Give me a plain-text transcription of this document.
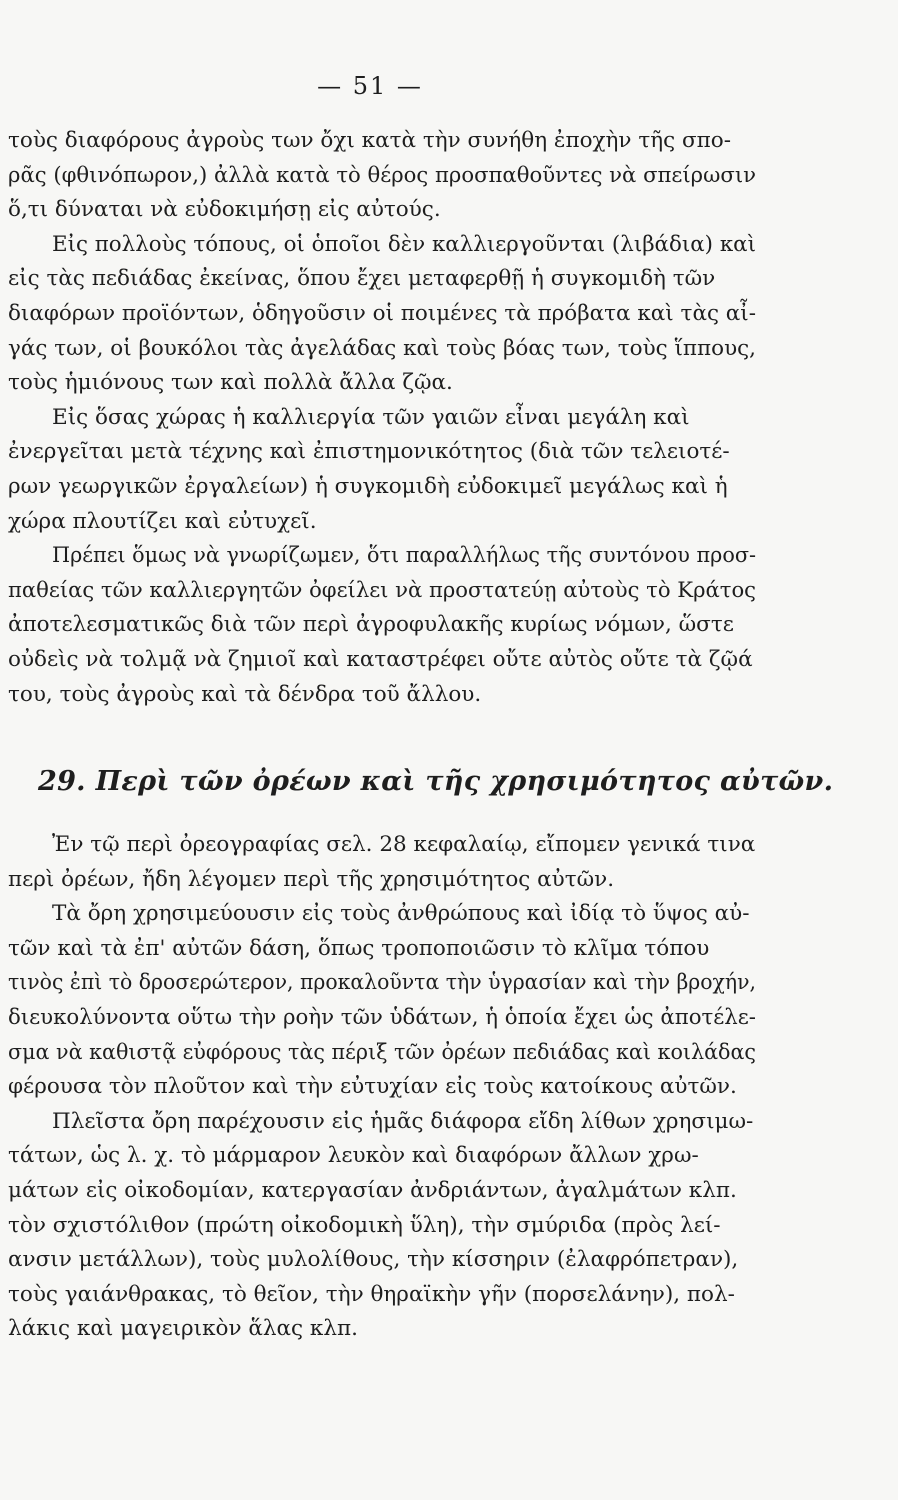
— 51 —

τοὺς διαφόρους ἀγροὺς των ὄχι κατὰ τὴν συνήθη ἐποχὴν τῆς σπο-
ρᾶς (φθινόπωρον,) ἀλλὰ κατὰ τὸ θέρος προσπαθοῦντες νὰ σπείρωσιν
ὅ,τι δύναται νὰ εὐδοκιμήσῃ εἰς αὐτούς.

Εἰς πολλοὺς τόπους, οἱ ὁποῖοι δὲν καλλιεργοῦνται (λιβάδια) καὶ
εἰς τὰς πεδιάδας ἐκείνας, ὅπου ἔχει μεταφερθῇ ἡ συγκομιδὴ τῶν
διαφόρων προϊόντων, ὁδηγοῦσιν οἱ ποιμένες τὰ πρόβατα καὶ τὰς αἶ-
γάς των, οἱ βουκόλοι τὰς ἀγελάδας καὶ τοὺς βόας των, τοὺς ἵππους,
τοὺς ἡμιόνους των καὶ πολλὰ ἄλλα ζῷα.

Εἰς ὅσας χώρας ἡ καλλιεργία τῶν γαιῶν εἶναι μεγάλη καὶ
ἐνεργεῖται μετὰ τέχνης καὶ ἐπιστημονικότητος (διὰ τῶν τελειοτέ-
ρων γεωργικῶν ἐργαλείων) ἡ συγκομιδὴ εὐδοκιμεῖ μεγάλως καὶ ἡ
χώρα πλουτίζει καὶ εὐτυχεῖ.

Πρέπει ὅμως νὰ γνωρίζωμεν, ὅτι παραλλήλως τῆς συντόνου προσ-
παθείας τῶν καλλιεργητῶν ὀφείλει νὰ προστατεύῃ αὐτοὺς τὸ Κράτος
ἀποτελεσματικῶς διὰ τῶν περὶ ἀγροφυλακῆς κυρίως νόμων, ὥστε
οὐδεὶς νὰ τολμᾷ νὰ ζημιοῖ καὶ καταστρέφει οὔτε αὐτὸς οὔτε τὰ ζῷά
του, τοὺς ἀγροὺς καὶ τὰ δένδρα τοῦ ἄλλου.

29. Περὶ τῶν ὀρέων καὶ τῆς χρησιμότητος αὐτῶν.

Ἐν τῷ περὶ ὀρεογραφίας σελ. 28 κεφαλαίῳ, εἴπομεν γενικά τινα
περὶ ὀρέων, ἤδη λέγομεν περὶ τῆς χρησιμότητος αὐτῶν.

Τὰ ὄρη χρησιμεύουσιν εἰς τοὺς ἀνθρώπους καὶ ἰδίᾳ τὸ ὕψος αὐ-
τῶν καὶ τὰ ἐπ' αὐτῶν δάση, ὅπως τροποποιῶσιν τὸ κλῖμα τόπου
τινὸς ἐπὶ τὸ δροσερώτερον, προκαλοῦντα τὴν ὑγρασίαν καὶ τὴν βροχήν,
διευκολύνοντα οὕτω τὴν ροὴν τῶν ὑδάτων, ἡ ὁποία ἔχει ὡς ἀποτέλε-
σμα νὰ καθιστᾷ εὐφόρους τὰς πέριξ τῶν ὀρέων πεδιάδας καὶ κοιλάδας
φέρουσα τὸν πλοῦτον καὶ τὴν εὐτυχίαν εἰς τοὺς κατοίκους αὐτῶν.

Πλεῖστα ὄρη παρέχουσιν εἰς ἡμᾶς διάφορα εἴδη λίθων χρησιμω-
τάτων, ὡς λ. χ. τὸ μάρμαρον λευκὸν καὶ διαφόρων ἄλλων χρω-
μάτων εἰς οἰκοδομίαν, κατεργασίαν ἀνδριάντων, ἀγαλμάτων κλπ.
τὸν σχιστόλιθον (πρώτη οἰκοδομικὴ ὕλη), τὴν σμύριδα (πρὸς λεί-
ανσιν μετάλλων), τοὺς μυλολίθους, τὴν κίσσηριν (ἐλαφρόπετραν),
τοὺς γαιάνθρακας, τὸ θεῖον, τὴν θηραϊκὴν γῆν (πορσελάνην), πολ-
λάκις καὶ μαγειρικὸν ἅλας κλπ.
